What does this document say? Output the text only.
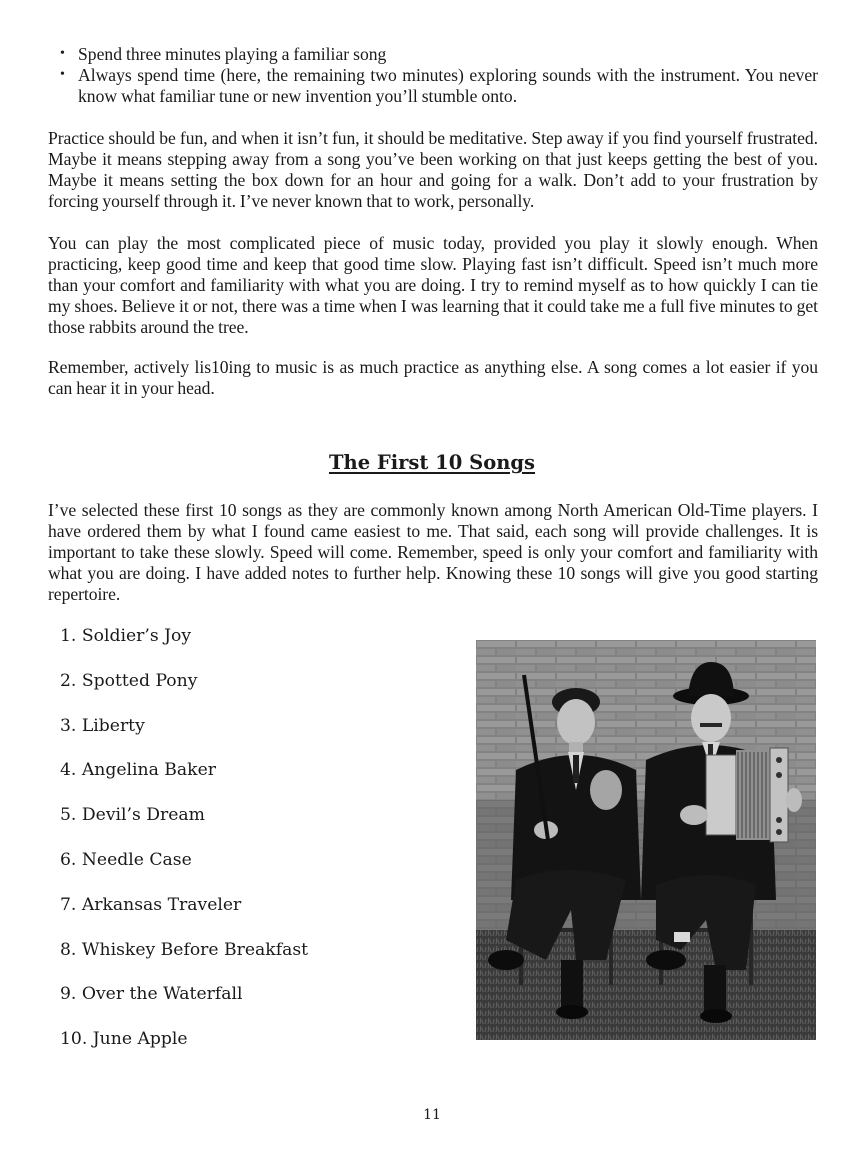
• Spend three minutes playing a familiar song
• Always spend time (here, the remaining two minutes) exploring sounds with the instrument. You never know what familiar tune or new invention you’ll stumble onto.

Practice should be fun, and when it isn’t fun, it should be meditative. Step away if you find yourself frustrated. Maybe it means stepping away from a song you’ve been working on that just keeps getting the best of you. Maybe it means setting the box down for an hour and going for a walk. Don’t add to your frustration by forcing yourself through it. I’ve never known that to work, personally.

You can play the most complicated piece of music today, provided you play it slowly enough. When practicing, keep good time and keep that good time slow. Playing fast isn’t difficult. Speed isn’t much more than your comfort and familiarity with what you are doing. I try to remind myself as to how quickly I can tie my shoes. Believe it or not, there was a time when I was learning that it could take me a full five minutes to get those rabbits around the tree.

Remember, actively lis10ing to music is as much practice as anything else. A song comes a lot easier if you can hear it in your head.

The First 10 Songs

I’ve selected these first 10 songs as they are commonly known among North American Old-Time players. I have ordered them by what I found came easiest to me. That said, each song will provide challenges. It is important to take these slowly. Speed will come. Remember, speed is only your comfort and familiarity with what you are doing. I have added notes to further help. Knowing these 10 songs will give you good starting repertoire.

1. Soldier’s Joy
2. Spotted Pony
3. Liberty
4. Angelina Baker
5. Devil’s Dream
6. Needle Case
7. Arkansas Traveler
8. Whiskey Before Breakfast
9. Over the Waterfall
10. June Apple
11
